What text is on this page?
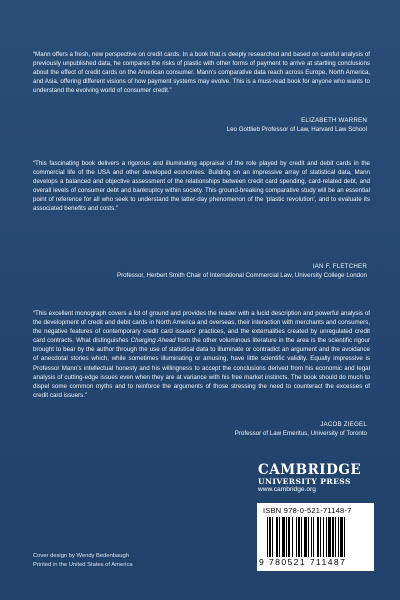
“Mann offers a fresh, new perspective on credit cards. In a book that is deeply researched and based on careful analysis of previously unpublished data, he compares the risks of plastic with other forms of payment to arrive at startling conclusions about the effect of credit cards on the American consumer. Mann’s comparative data reach across Europe, North America, and Asia, offering different visions of how payment systems may evolve. This is a must-read book for anyone who wants to understand the evolving world of consumer credit.”
ELIZABETH WARREN
Leo Gottlieb Professor of Law, Harvard Law School
“This fascinating book delivers a rigorous and illuminating appraisal of the role played by credit and debit cards in the commercial life of the USA and other developed economies. Building on an impressive array of statistical data, Mann develops a balanced and objective assessment of the relationships between credit card spending, card-related debt, and overall levels of consumer debt and bankruptcy within society. This ground-breaking comparative study will be an essential point of reference for all who seek to understand the latter-day phenomenon of the ‘plastic revolution’, and to evaluate its associated benefits and costs.”
IAN F. FLETCHER
Professor, Herbert Smith Chair of International Commercial Law, University College London
“This excellent monograph covers a lot of ground and provides the reader with a lucid description and powerful analysis of the development of credit and debit cards in North America and overseas, their interaction with merchants and consumers, the negative features of contemporary credit card issuers’ practices, and the externalities created by unregulated credit card contracts. What distinguishes Charging Ahead from the other voluminous literature in the area is the scientific rigour brought to bear by the author through the use of statistical data to illuminate or contradict an argument and the avoidance of anecdotal stories which, while sometimes illuminating or amusing, have little scientific validity. Equally impressive is Professor Mann’s intellectual honesty and his willingness to accept the conclusions derived from his economic and legal analysis of cutting-edge issues even when they are at variance with his free market instincts. The book should do much to dispel some common myths and to reinforce the arguments of those stressing the need to counteract the excesses of credit card issuers.”
JACOB ZIEGEL
Professor of Law Emeritus, University of Toronto
CAMBRIDGE
UNIVERSITY PRESS
www.cambridge.org
ISBN 978-0-521-71148-7
9 780521 711487
Cover design by Wendy Bedenbaugh
Printed in the United States of America
